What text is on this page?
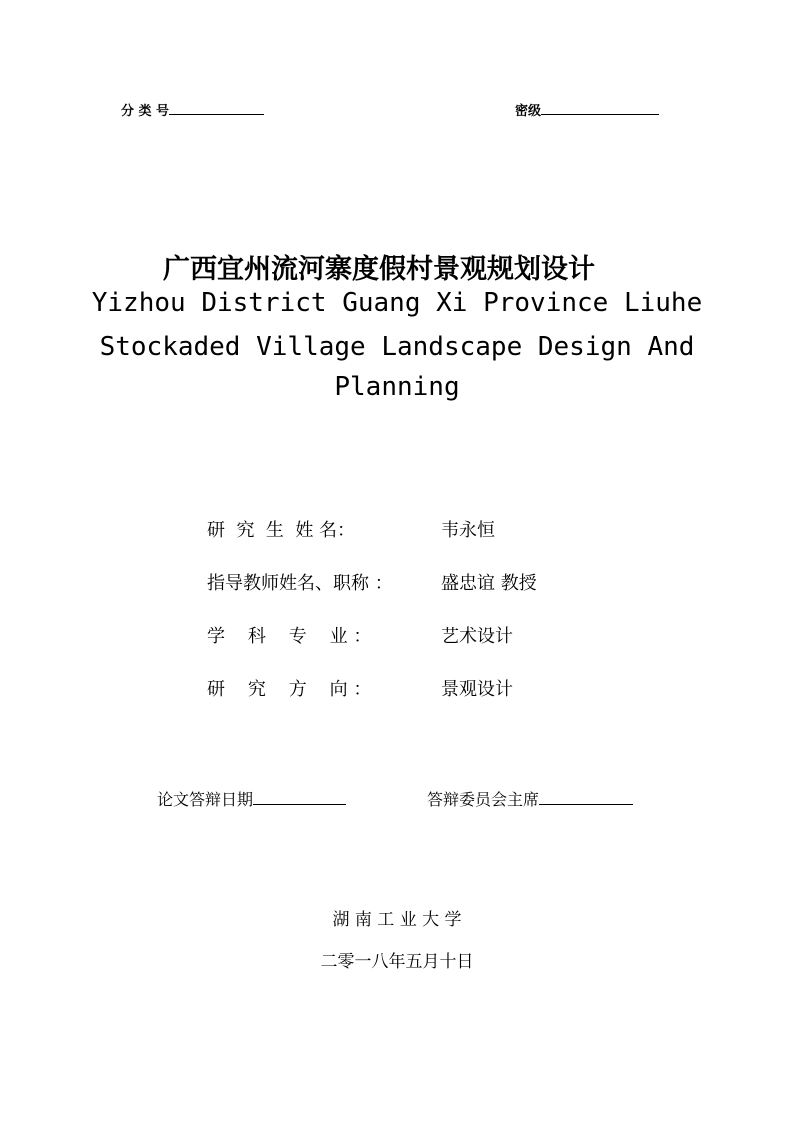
分 类 号	密级
广西宜州流河寨度假村景观规划设计
Yizhou District Guang Xi Province Liuhe
Stockaded Village Landscape Design And
Planning
研  究  生  姓 名：	韦永恒
指导教师姓名、职称 ：	盛忠谊 教授
学    科    专    业 ：	艺术设计
研    究    方    向 ：	景观设计
论文答辩日期	答辩委员会主席
湖 南 工 业 大 学
二零一八年五月十日
